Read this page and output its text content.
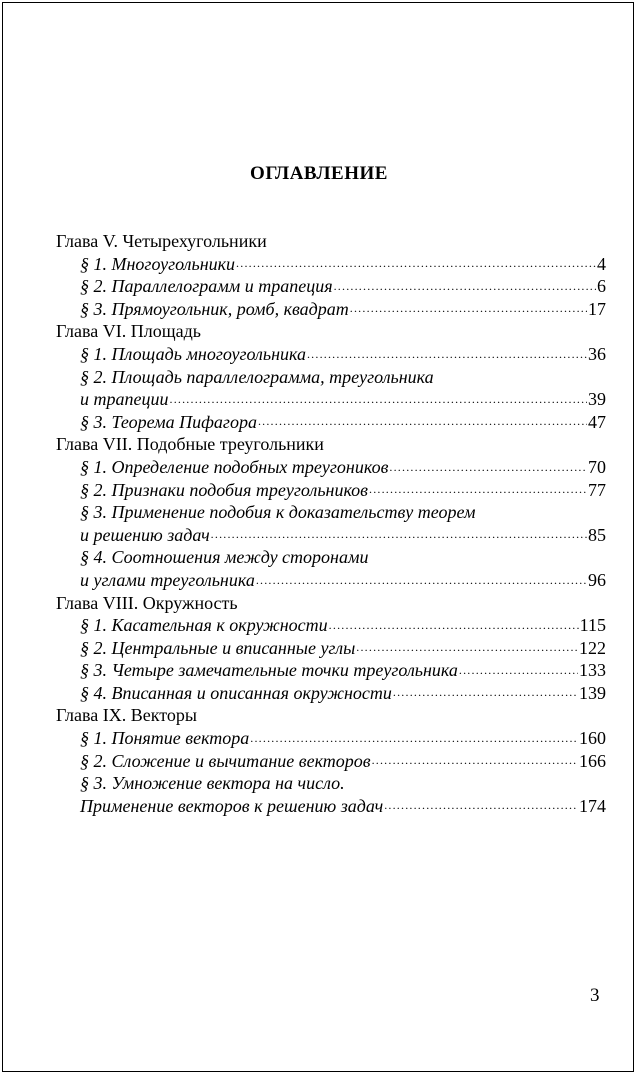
ОГЛАВЛЕНИЕ
Глава V. Четырехугольники
§ 1. Многоугольники .....	4
§ 2. Параллелограмм и трапеция .....	6
§ 3. Прямоугольник, ромб, квадрат .....	17
Глава VI. Площадь
§ 1. Площадь многоугольника .....	36
§ 2. Площадь параллелограмма, треугольника
и трапеции .....	39
§ 3. Теорема Пифагора .....	47
Глава VII. Подобные треугольники
§ 1. Определение подобных треугоников .....	70
§ 2. Признаки подобия треугольников .....	77
§ 3. Применение подобия к доказательству теорем
и решению задач .....	85
§ 4. Соотношения между сторонами
и углами треугольника .....	96
Глава VIII. Окружность
§ 1. Касательная к окружности .....	115
§ 2. Центральные и вписанные углы .....	122
§ 3. Четыре замечательные точки треугольника .....	133
§ 4. Вписанная и описанная окружности .....	139
Глава IX. Векторы
§ 1. Понятие вектора .....	160
§ 2. Сложение и вычитание векторов .....	166
§ 3. Умножение вектора на число.
Применение векторов к решению задач .....	174
3
